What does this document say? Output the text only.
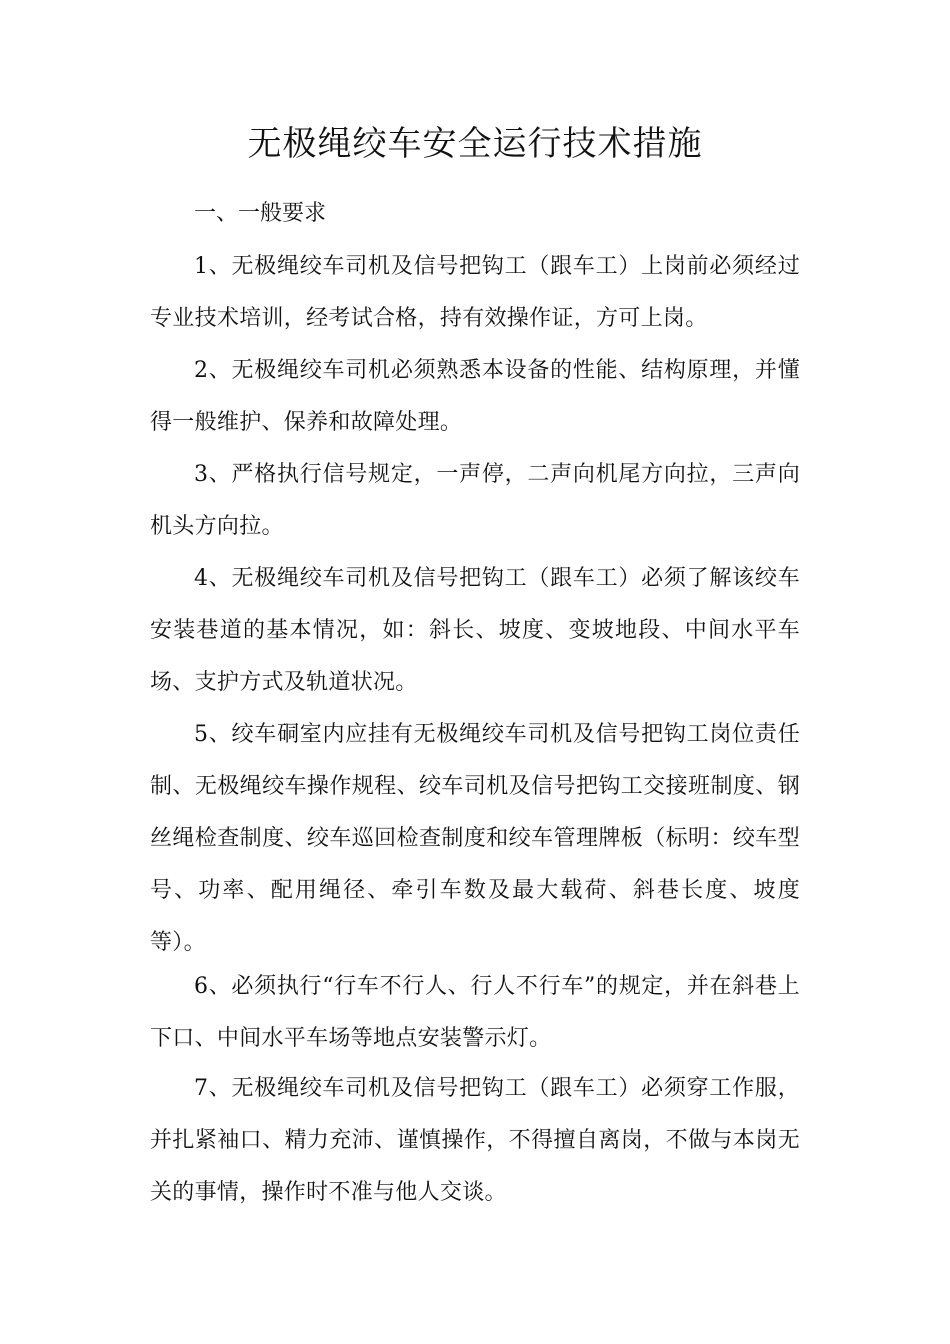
无极绳绞车安全运行技术措施

一、一般要求

1、无极绳绞车司机及信号把钩工（跟车工）上岗前必须经过专业技术培训，经考试合格，持有效操作证，方可上岗。

2、无极绳绞车司机必须熟悉本设备的性能、结构原理，并懂得一般维护、保养和故障处理。

3、严格执行信号规定，一声停，二声向机尾方向拉，三声向机头方向拉。

4、无极绳绞车司机及信号把钩工（跟车工）必须了解该绞车安装巷道的基本情况，如：斜长、坡度、变坡地段、中间水平车场、支护方式及轨道状况。

5、绞车硐室内应挂有无极绳绞车司机及信号把钩工岗位责任制、无极绳绞车操作规程、绞车司机及信号把钩工交接班制度、钢丝绳检查制度、绞车巡回检查制度和绞车管理牌板（标明：绞车型号、功率、配用绳径、牵引车数及最大载荷、斜巷长度、坡度等）。

6、必须执行“行车不行人、行人不行车”的规定，并在斜巷上下口、中间水平车场等地点安装警示灯。

7、无极绳绞车司机及信号把钩工（跟车工）必须穿工作服，并扎紧袖口、精力充沛、谨慎操作，不得擅自离岗，不做与本岗无关的事情，操作时不准与他人交谈。
